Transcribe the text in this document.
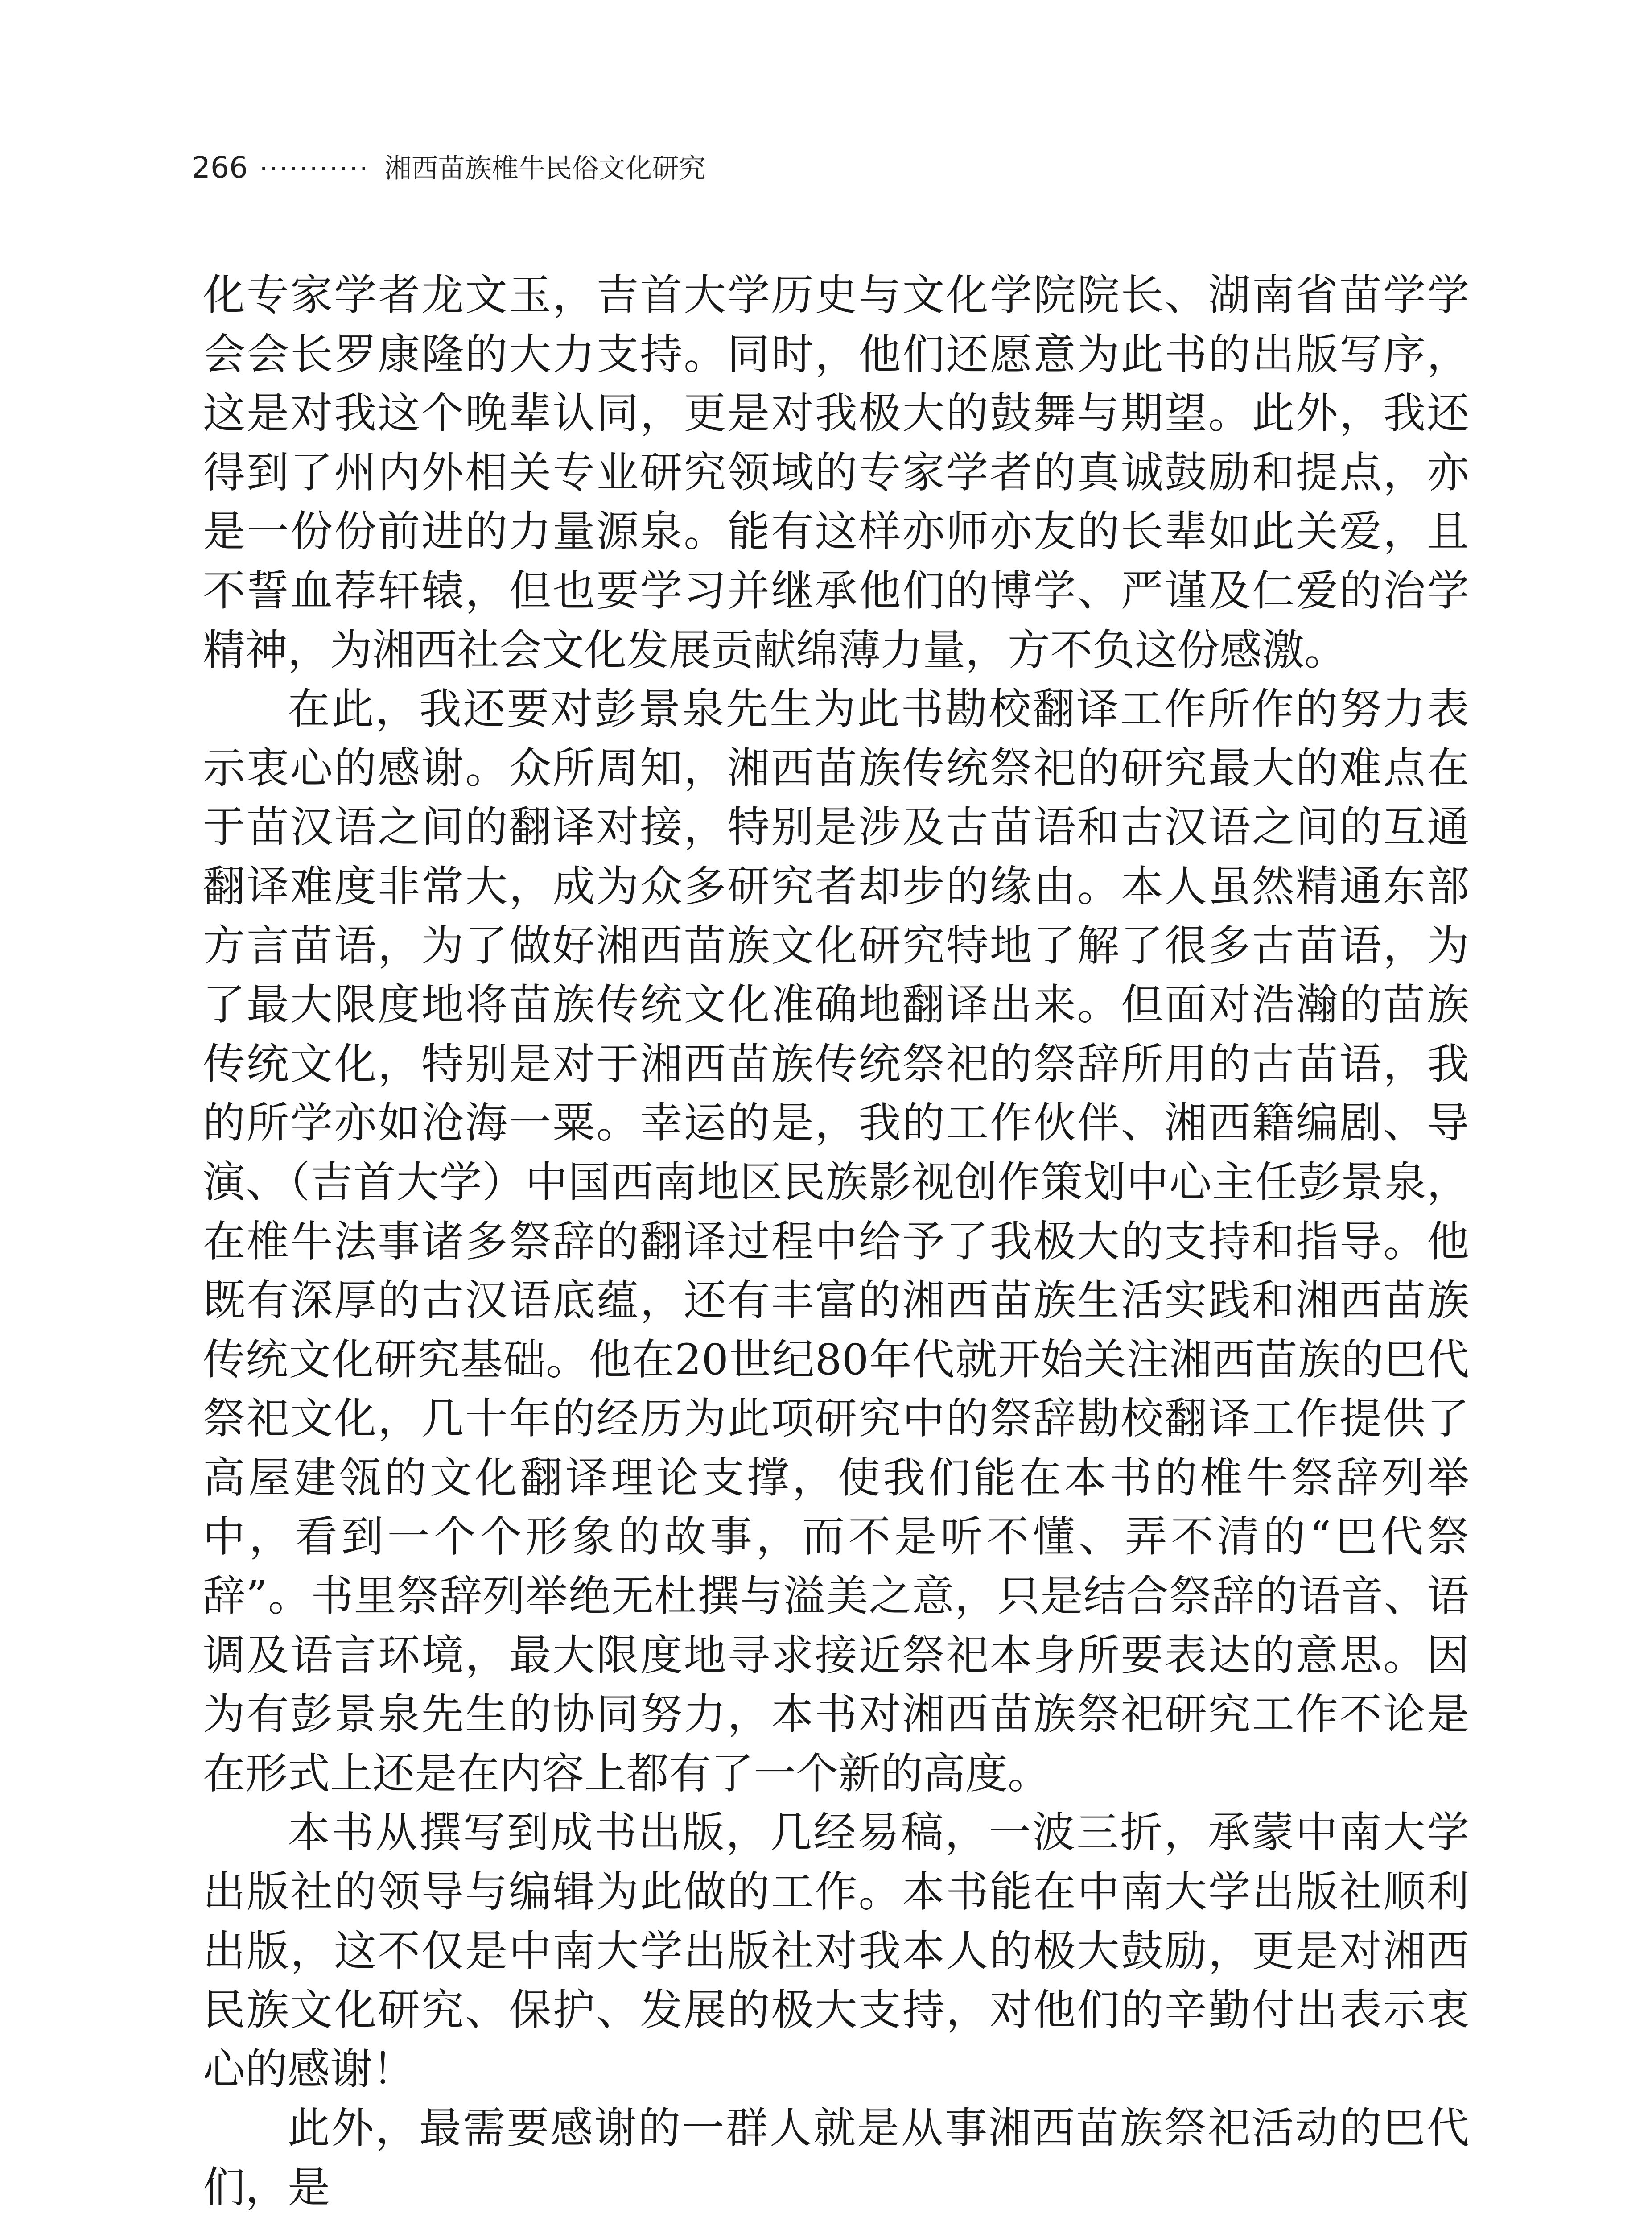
266 ··········· 湘西苗族椎牛民俗文化研究

化专家学者龙文玉，吉首大学历史与文化学院院长、湖南省苗学学会会长罗康隆的大力支持。同时，他们还愿意为此书的出版写序，这是对我这个晚辈认同，更是对我极大的鼓舞与期望。此外，我还得到了州内外相关专业研究领域的专家学者的真诚鼓励和提点，亦是一份份前进的力量源泉。能有这样亦师亦友的长辈如此关爱，且不誓血荐轩辕，但也要学习并继承他们的博学、严谨及仁爱的治学精神，为湘西社会文化发展贡献绵薄力量，方不负这份感激。

在此，我还要对彭景泉先生为此书勘校翻译工作所作的努力表示衷心的感谢。众所周知，湘西苗族传统祭祀的研究最大的难点在于苗汉语之间的翻译对接，特别是涉及古苗语和古汉语之间的互通翻译难度非常大，成为众多研究者却步的缘由。本人虽然精通东部方言苗语，为了做好湘西苗族文化研究特地了解了很多古苗语，为了最大限度地将苗族传统文化准确地翻译出来。但面对浩瀚的苗族传统文化，特别是对于湘西苗族传统祭祀的祭辞所用的古苗语，我的所学亦如沧海一粟。幸运的是，我的工作伙伴、湘西籍编剧、导演、（吉首大学）中国西南地区民族影视创作策划中心主任彭景泉，在椎牛法事诸多祭辞的翻译过程中给予了我极大的支持和指导。他既有深厚的古汉语底蕴，还有丰富的湘西苗族生活实践和湘西苗族传统文化研究基础。他在20世纪80年代就开始关注湘西苗族的巴代祭祀文化，几十年的经历为此项研究中的祭辞勘校翻译工作提供了高屋建瓴的文化翻译理论支撑，使我们能在本书的椎牛祭辞列举中，看到一个个形象的故事，而不是听不懂、弄不清的“巴代祭辞”。书里祭辞列举绝无杜撰与溢美之意，只是结合祭辞的语音、语调及语言环境，最大限度地寻求接近祭祀本身所要表达的意思。因为有彭景泉先生的协同努力，本书对湘西苗族祭祀研究工作不论是在形式上还是在内容上都有了一个新的高度。

本书从撰写到成书出版，几经易稿，一波三折，承蒙中南大学出版社的领导与编辑为此做的工作。本书能在中南大学出版社顺利出版，这不仅是中南大学出版社对我本人的极大鼓励，更是对湘西民族文化研究、保护、发展的极大支持，对他们的辛勤付出表示衷心的感谢！

此外，最需要感谢的一群人就是从事湘西苗族祭祀活动的巴代们，是
